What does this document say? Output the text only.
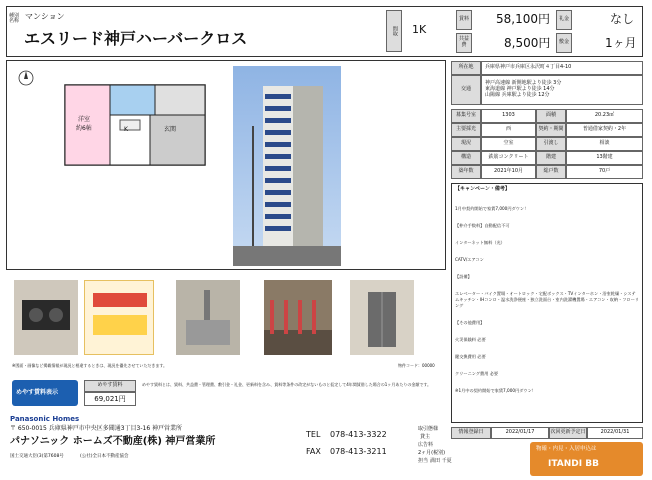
種別
名称
マンション
エスリード神戸ハーバークロス	間取	1K
賃料 58,100円	礼金	なし
共益費	8,500円	敷金	1ヶ月
洋室
約6帖	K	玄関
所在地	兵庫県神戸市兵庫区永沢町４丁目4-10
交通
神戸高速線 新開地駅より徒歩 3分
東海道線 神戸駅より徒歩 14分
山陽線 兵庫駅より徒歩 12分
募集号室	1303	面積	20.23㎡
主要採光	西	契約・期間	普通借家契約・2年
現況	空室	引渡し	相談
構造	鉄筋コンクリート	階建	13階建
築年数	2021年10月	総戸数	70戸
【キャンペーン・備考】

1月中契約開始で家賃7,000円ダウン！

【仲介手数料】自動配信不可

インターネット無料（光）

CATV/エアコン

【設備】

エレベーター・バイク置場・オートロック・宅配ボックス・TVインターホン・浴室乾燥・システムキッチン・IHコンロ・温水洗浄便座・独立洗面台・室内洗濯機置場・エアコン・収納・フローリング

【その他費用】

火災保険料 必要

鍵交換費用 必要

クリーニング費用 必要

※1月中の契約開始で家賃7,000円ダウン！

※図面・画像など掲載情報が現況と相違するときは、現況を優先させていただきます。	物件コード：00000
めやす賃料表示
めやす賃料
69,021円
めやす賃料とは、賃料、共益費・管理費、敷引金・礼金、更新料を含み、賃料等条件の改定がないものと仮定して4年間賃借した場合の1ヶ月あたりの金額です。
情報登録日	2022/01/17	次回更新予定日	2022/01/31
Panasonic Homes
〒 650-0015 兵庫県神戸市中央区多聞通3丁目3-16 神戸営業所
パナソニック ホームズ不動産(株) 神戸営業所
国土交通大臣(3)第7608号	(公社)全日本不動産協会
TEL 078-413-3322
FAX 078-413-3211
取引態様
貸主
広告料
2ヶ月(税別)
担当 満田 千夏
物確・内見・入居申込は
ITANDI BB
